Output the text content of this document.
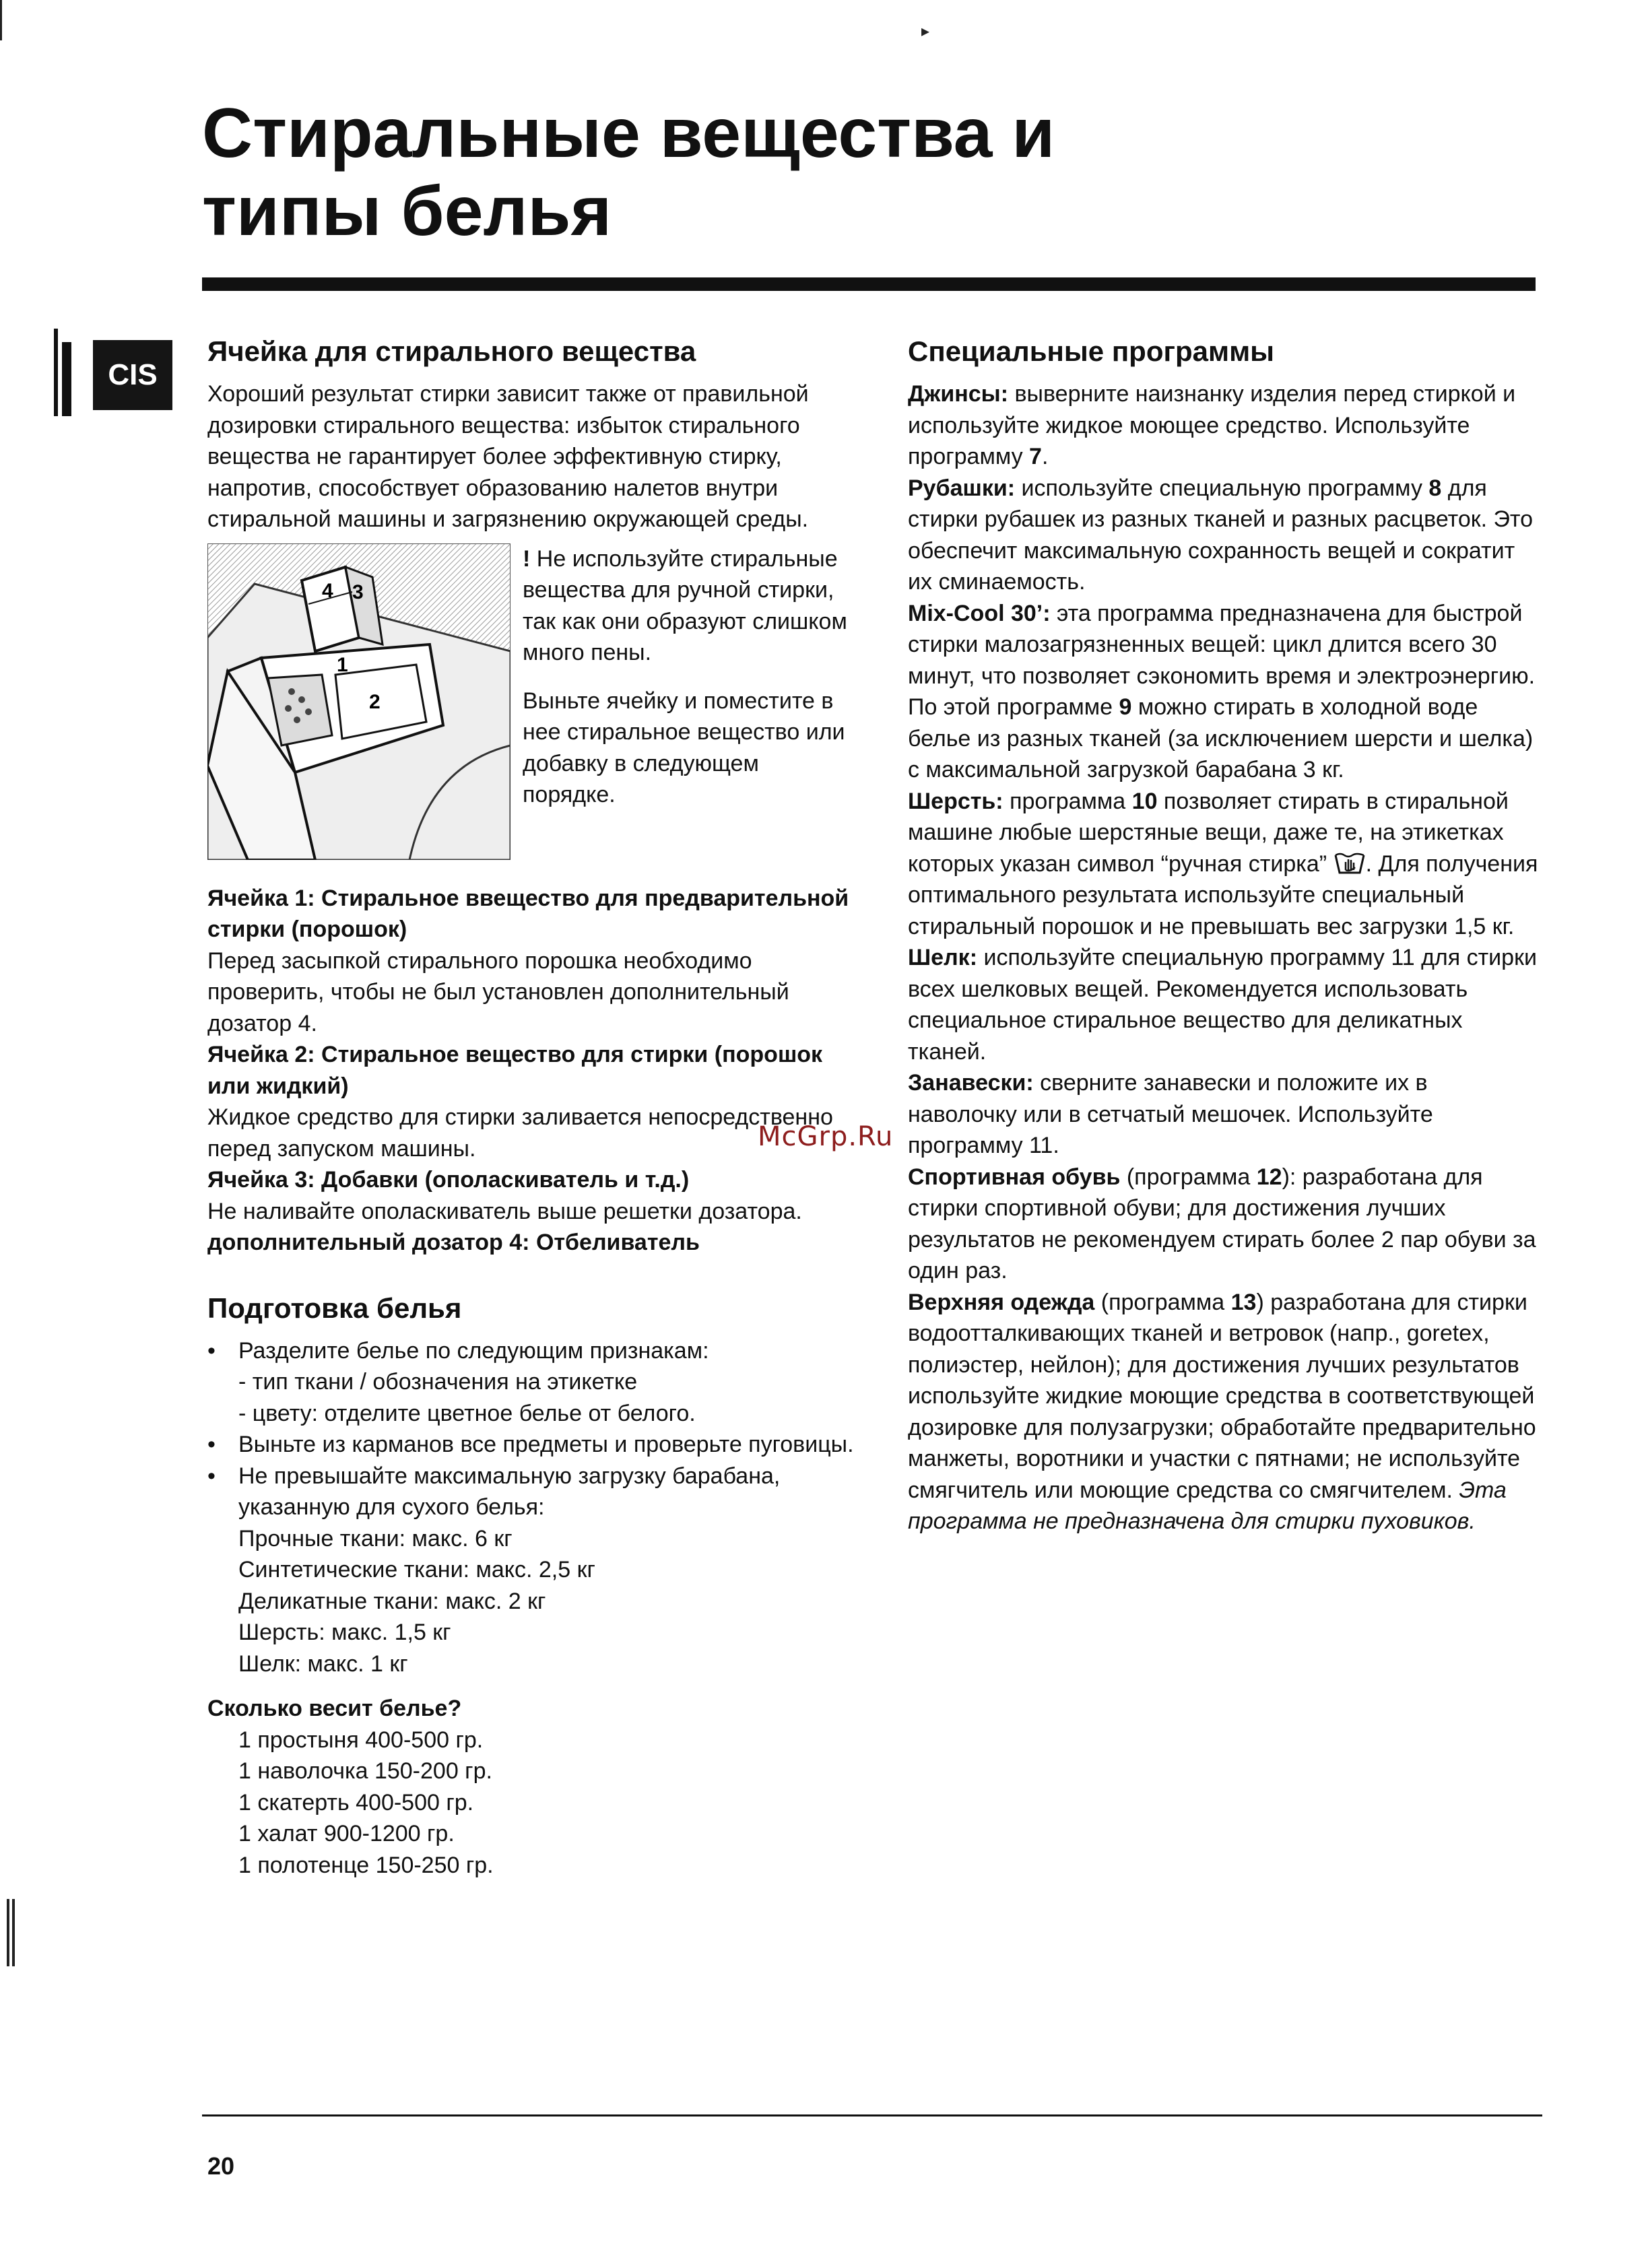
Стиральные вещества и
типы белья
CIS
▸
Ячейка для стирального вещества

Хороший результат стирки зависит также от правильной дозировки стирального вещества: избыток стирального вещества не гарантирует более эффективную стирку, напротив, способствует образованию налетов внутри стиральной машины и загрязнению окружающей среды.

4 3
1
2

! Не используйте стиральные вещества для ручной стирки, так как они образуют слишком много пены.

Выньте ячейку и поместите в нее стиральное вещество или добавку в следующем порядке.

Ячейка 1: Стиральное ввещество для предварительной стирки (порошок)

Перед засыпкой стирального порошка необходимо проверить, чтобы не был установлен дополнительный дозатор 4.

Ячейка 2: Стиральное вещество для стирки (порошок или жидкий)

Жидкое средство для стирки заливается непосредственно перед запуском машины.

Ячейка 3: Добавки (ополаскиватель и т.д.)

Не наливайте ополаскиватель выше решетки дозатора.

дополнительный дозатор 4: Отбеливатель

Подготовка белья
• Разделите белье по следующим признакам:
- тип ткани / обозначения на этикетке
- цвету: отделите цветное белье от белого.
• Выньте из карманов все предметы и проверьте пуговицы.
• Не превышайте максимальную загрузку барабана, указанную для сухого белья:
Прочные ткани: макс. 6 кг
Синтетические ткани: макс. 2,5 кг
Деликатные ткани: макс. 2 кг
Шерсть: макс. 1,5 кг
Шелк: макс. 1 кг

Сколько весит белье?

1 простыня 400-500 гр.

1 наволочка 150-200 гр.

1 скатерть 400-500 гр.

1 халат 900-1200 гр.

1 полотенце 150-250 гр.

Специальные программы

Джинсы: выверните наизнанку изделия перед стиркой и используйте жидкое моющее средство. Используйте программу 7.

Рубашки: используйте специальную программу 8 для стирки рубашек из разных тканей и разных расцветок. Это обеспечит максимальную сохранность вещей и сократит их сминаемость.

Mix-Cool 30’: эта программа предназначена для быстрой стирки малозагрязненных вещей: цикл длится всего 30 минут, что позволяет сэкономить время и электроэнергию. По этой программе 9 можно стирать в холодной воде белье из разных тканей (за исключением шерсти и шелка) с максимальной загрузкой барабана 3 кг.

Шерсть: программа 10 позволяет стирать в стиральной машине любые шерстяные вещи, даже те, на этикетках которых указан символ “ручная стирка” . Для получения оптимального результата используйте специальный стиральный порошок и не превышать вес загрузки 1,5 кг.

Шелк: используйте специальную программу 11 для стирки всех шелковых вещей. Рекомендуется использовать специальное стиральное вещество для деликатных тканей.

Занавески: сверните занавески и положите их в наволочку или в сетчатый мешочек. Используйте программу 11.

Спортивная обувь (программа 12): разработана для стирки спортивной обуви; для достижения лучших результатов не рекомендуем стирать более 2 пар обуви за один раз.

Верхняя одежда (программа 13) разработана для стирки водоотталкивающих тканей и ветровок (напр., goretex, полиэстер, нейлон); для достижения лучших результатов используйте жидкие моющие средства в соответствующей дозировке для полузагрузки; обработайте предварительно манжеты, воротники и участки с пятнами; не используйте смягчитель или моющие средства со смягчителем. Эта программа не предназначена для стирки пуховиков.

McGrp.Ru
20
